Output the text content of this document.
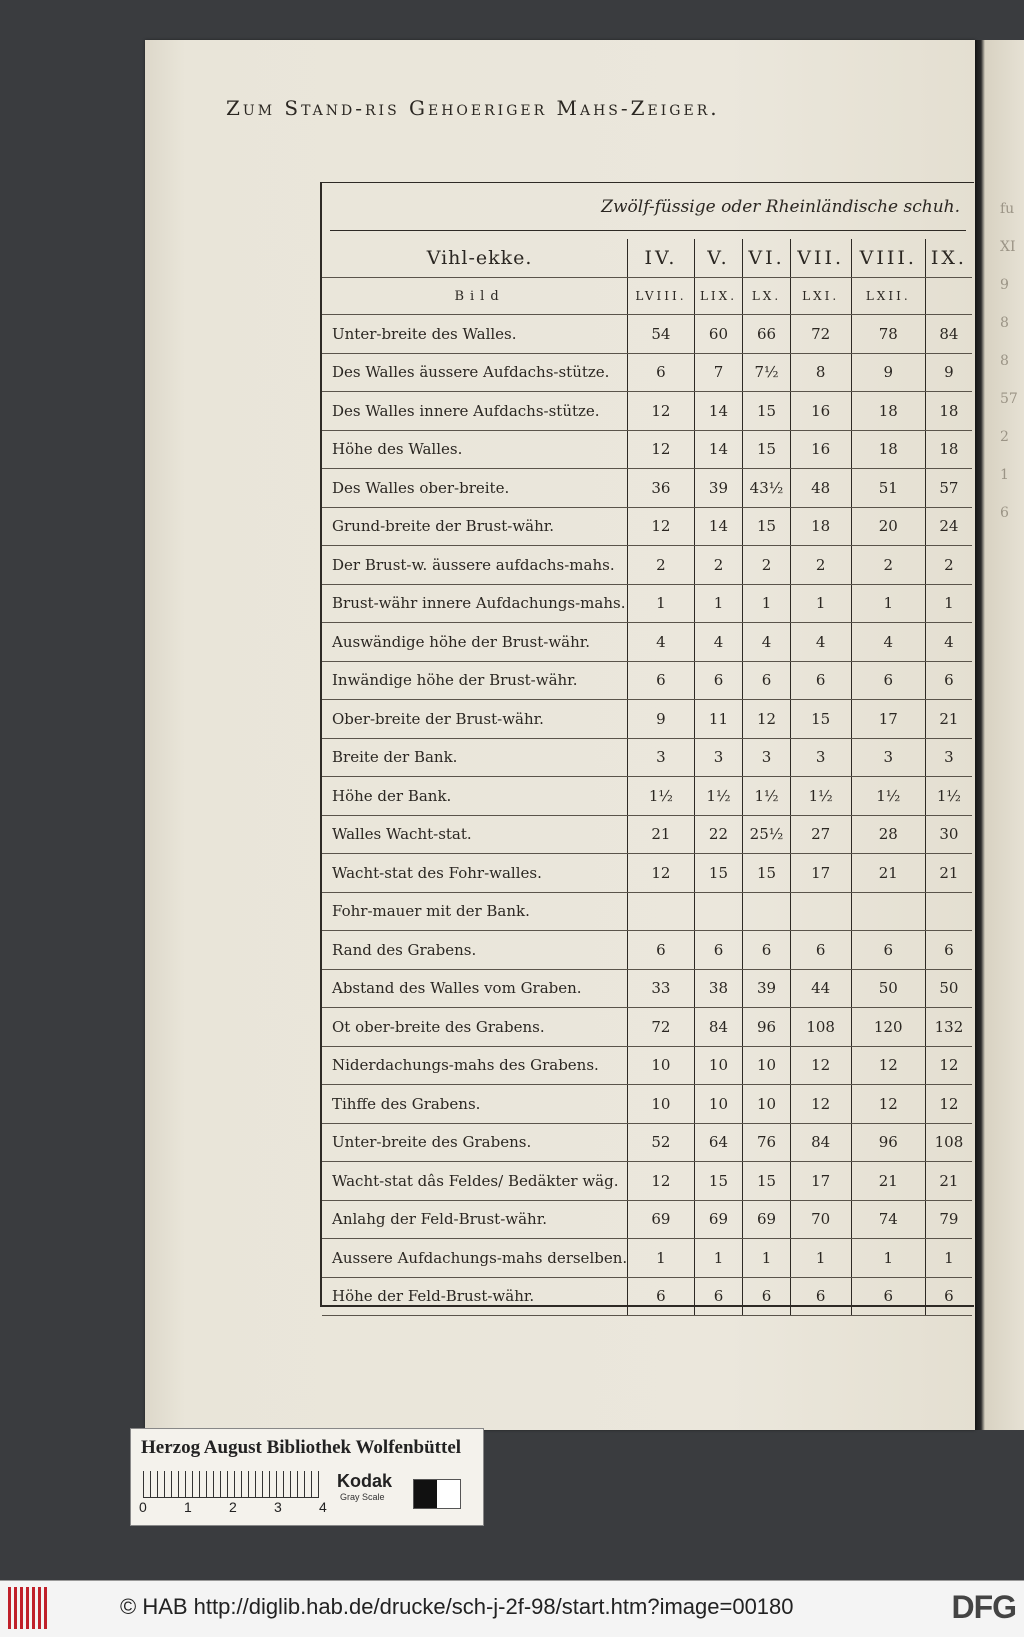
fu
XI
9
8
8
57
2
1
6
Zum Stand-ris Gehoeriger Mahs-Zeiger.
Zwölf-füssige oder Rheinländische schuh.
Vihl-ekke.	IV.	V.	VI.	VII.	VIII.	IX.
Bild	LVIII.	LIX.	LX.	LXI.	LXII.	
Unter-breite des Walles.	54	60	66	72	78	84
Des Walles äussere Aufdachs-stütze.	6	7	7½	8	9	9
Des Walles innere Aufdachs-stütze.	12	14	15	16	18	18
Höhe des Walles.	12	14	15	16	18	18
Des Walles ober-breite.	36	39	43½	48	51	57
Grund-breite der Brust-währ.	12	14	15	18	20	24
Der Brust-w. äussere aufdachs-mahs.	2	2	2	2	2	2
Brust-währ innere Aufdachungs-mahs.	1	1	1	1	1	1
Auswändige höhe der Brust-währ.	4	4	4	4	4	4
Inwändige höhe der Brust-währ.	6	6	6	6	6	6
Ober-breite der Brust-währ.	9	11	12	15	17	21
Breite der Bank.	3	3	3	3	3	3
Höhe der Bank.	1½	1½	1½	1½	1½	1½
Walles Wacht-stat.	21	22	25½	27	28	30
Wacht-stat des Fohr-walles.	12	15	15	17	21	21
Fohr-mauer mit der Bank.						
Rand des Grabens.	6	6	6	6	6	6
Abstand des Walles vom Graben.	33	38	39	44	50	50
Ot ober-breite des Grabens.	72	84	96	108	120	132
Niderdachungs-mahs des Grabens.	10	10	10	12	12	12
Tihffe des Grabens.	10	10	10	12	12	12
Unter-breite des Grabens.	52	64	76	84	96	108
Wacht-stat dâs Feldes/ Bedäkter wäg.	12	15	15	17	21	21
Anlahg der Feld-Brust-währ.	69	69	69	70	74	79
Aussere Aufdachungs-mahs derselben.	1	1	1	1	1	1
Höhe der Feld-Brust-währ.	6	6	6	6	6	6
Herzog August Bibliothek Wolfenbüttel
0	1	2	3	4
Kodak
Gray Scale
© HAB http://diglib.hab.de/drucke/sch-j-2f-98/start.htm?image=00180	DFG
